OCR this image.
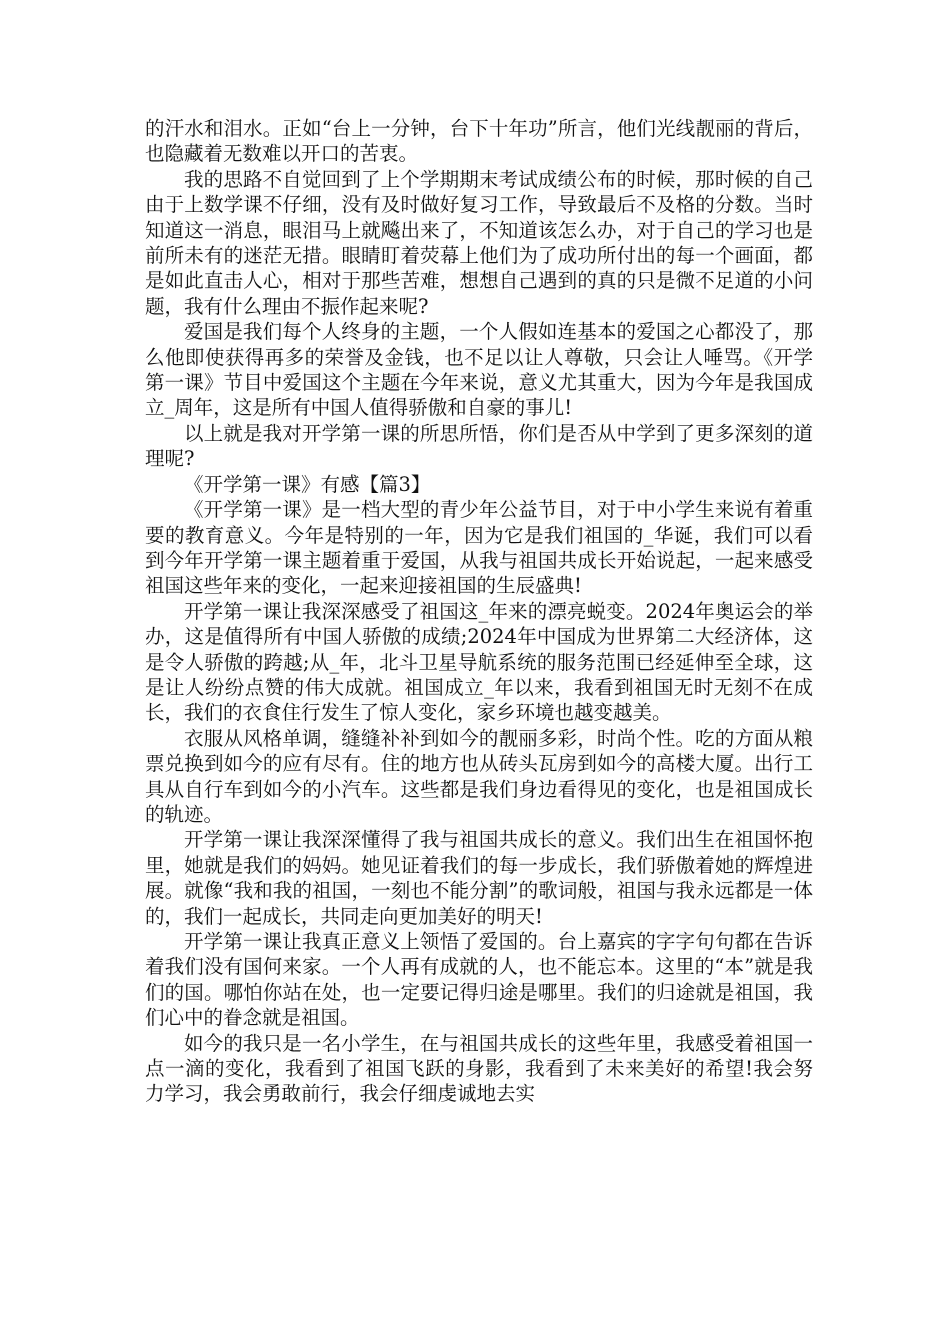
的汗水和泪水。正如“台上一分钟，台下十年功”所言，他们光线靓丽的背后，也隐藏着无数难以开口的苦衷。

我的思路不自觉回到了上个学期期末考试成绩公布的时候，那时候的自己由于上数学课不仔细，没有及时做好复习工作，导致最后不及格的分数。当时知道这一消息，眼泪马上就飚出来了，不知道该怎么办，对于自己的学习也是前所未有的迷茫无措。眼睛盯着荧幕上他们为了成功所付出的每一个画面，都是如此直击人心，相对于那些苦难，想想自己遇到的真的只是微不足道的小问题，我有什么理由不振作起来呢?

爱国是我们每个人终身的主题，一个人假如连基本的爱国之心都没了，那么他即使获得再多的荣誉及金钱，也不足以让人尊敬，只会让人唾骂。《开学第一课》节目中爱国这个主题在今年来说，意义尤其重大，因为今年是我国成立_周年，这是所有中国人值得骄傲和自豪的事儿!

以上就是我对开学第一课的所思所悟，你们是否从中学到了更多深刻的道理呢?

《开学第一课》有感【篇3】

《开学第一课》是一档大型的青少年公益节目，对于中小学生来说有着重要的教育意义。今年是特别的一年，因为它是我们祖国的_华诞，我们可以看到今年开学第一课主题着重于爱国，从我与祖国共成长开始说起，一起来感受祖国这些年来的变化，一起来迎接祖国的生辰盛典!

开学第一课让我深深感受了祖国这_年来的漂亮蜕变。2024年奥运会的举办，这是值得所有中国人骄傲的成绩;2024年中国成为世界第二大经济体，这是令人骄傲的跨越;从_年，北斗卫星导航系统的服务范围已经延伸至全球，这是让人纷纷点赞的伟大成就。祖国成立_年以来，我看到祖国无时无刻不在成长，我们的衣食住行发生了惊人变化，家乡环境也越变越美。

衣服从风格单调，缝缝补补到如今的靓丽多彩，时尚个性。吃的方面从粮票兑换到如今的应有尽有。住的地方也从砖头瓦房到如今的高楼大厦。出行工具从自行车到如今的小汽车。这些都是我们身边看得见的变化，也是祖国成长的轨迹。

开学第一课让我深深懂得了我与祖国共成长的意义。我们出生在祖国怀抱里，她就是我们的妈妈。她见证着我们的每一步成长，我们骄傲着她的辉煌进展。就像“我和我的祖国，一刻也不能分割”的歌词般，祖国与我永远都是一体的，我们一起成长，共同走向更加美好的明天!

开学第一课让我真正意义上领悟了爱国的。台上嘉宾的字字句句都在告诉着我们没有国何来家。一个人再有成就的人，也不能忘本。这里的“本”就是我们的国。哪怕你站在处，也一定要记得归途是哪里。我们的归途就是祖国，我们心中的眷念就是祖国。

如今的我只是一名小学生，在与祖国共成长的这些年里，我感受着祖国一点一滴的变化，我看到了祖国飞跃的身影，我看到了未来美好的希望!我会努力学习，我会勇敢前行，我会仔细虔诚地去实
